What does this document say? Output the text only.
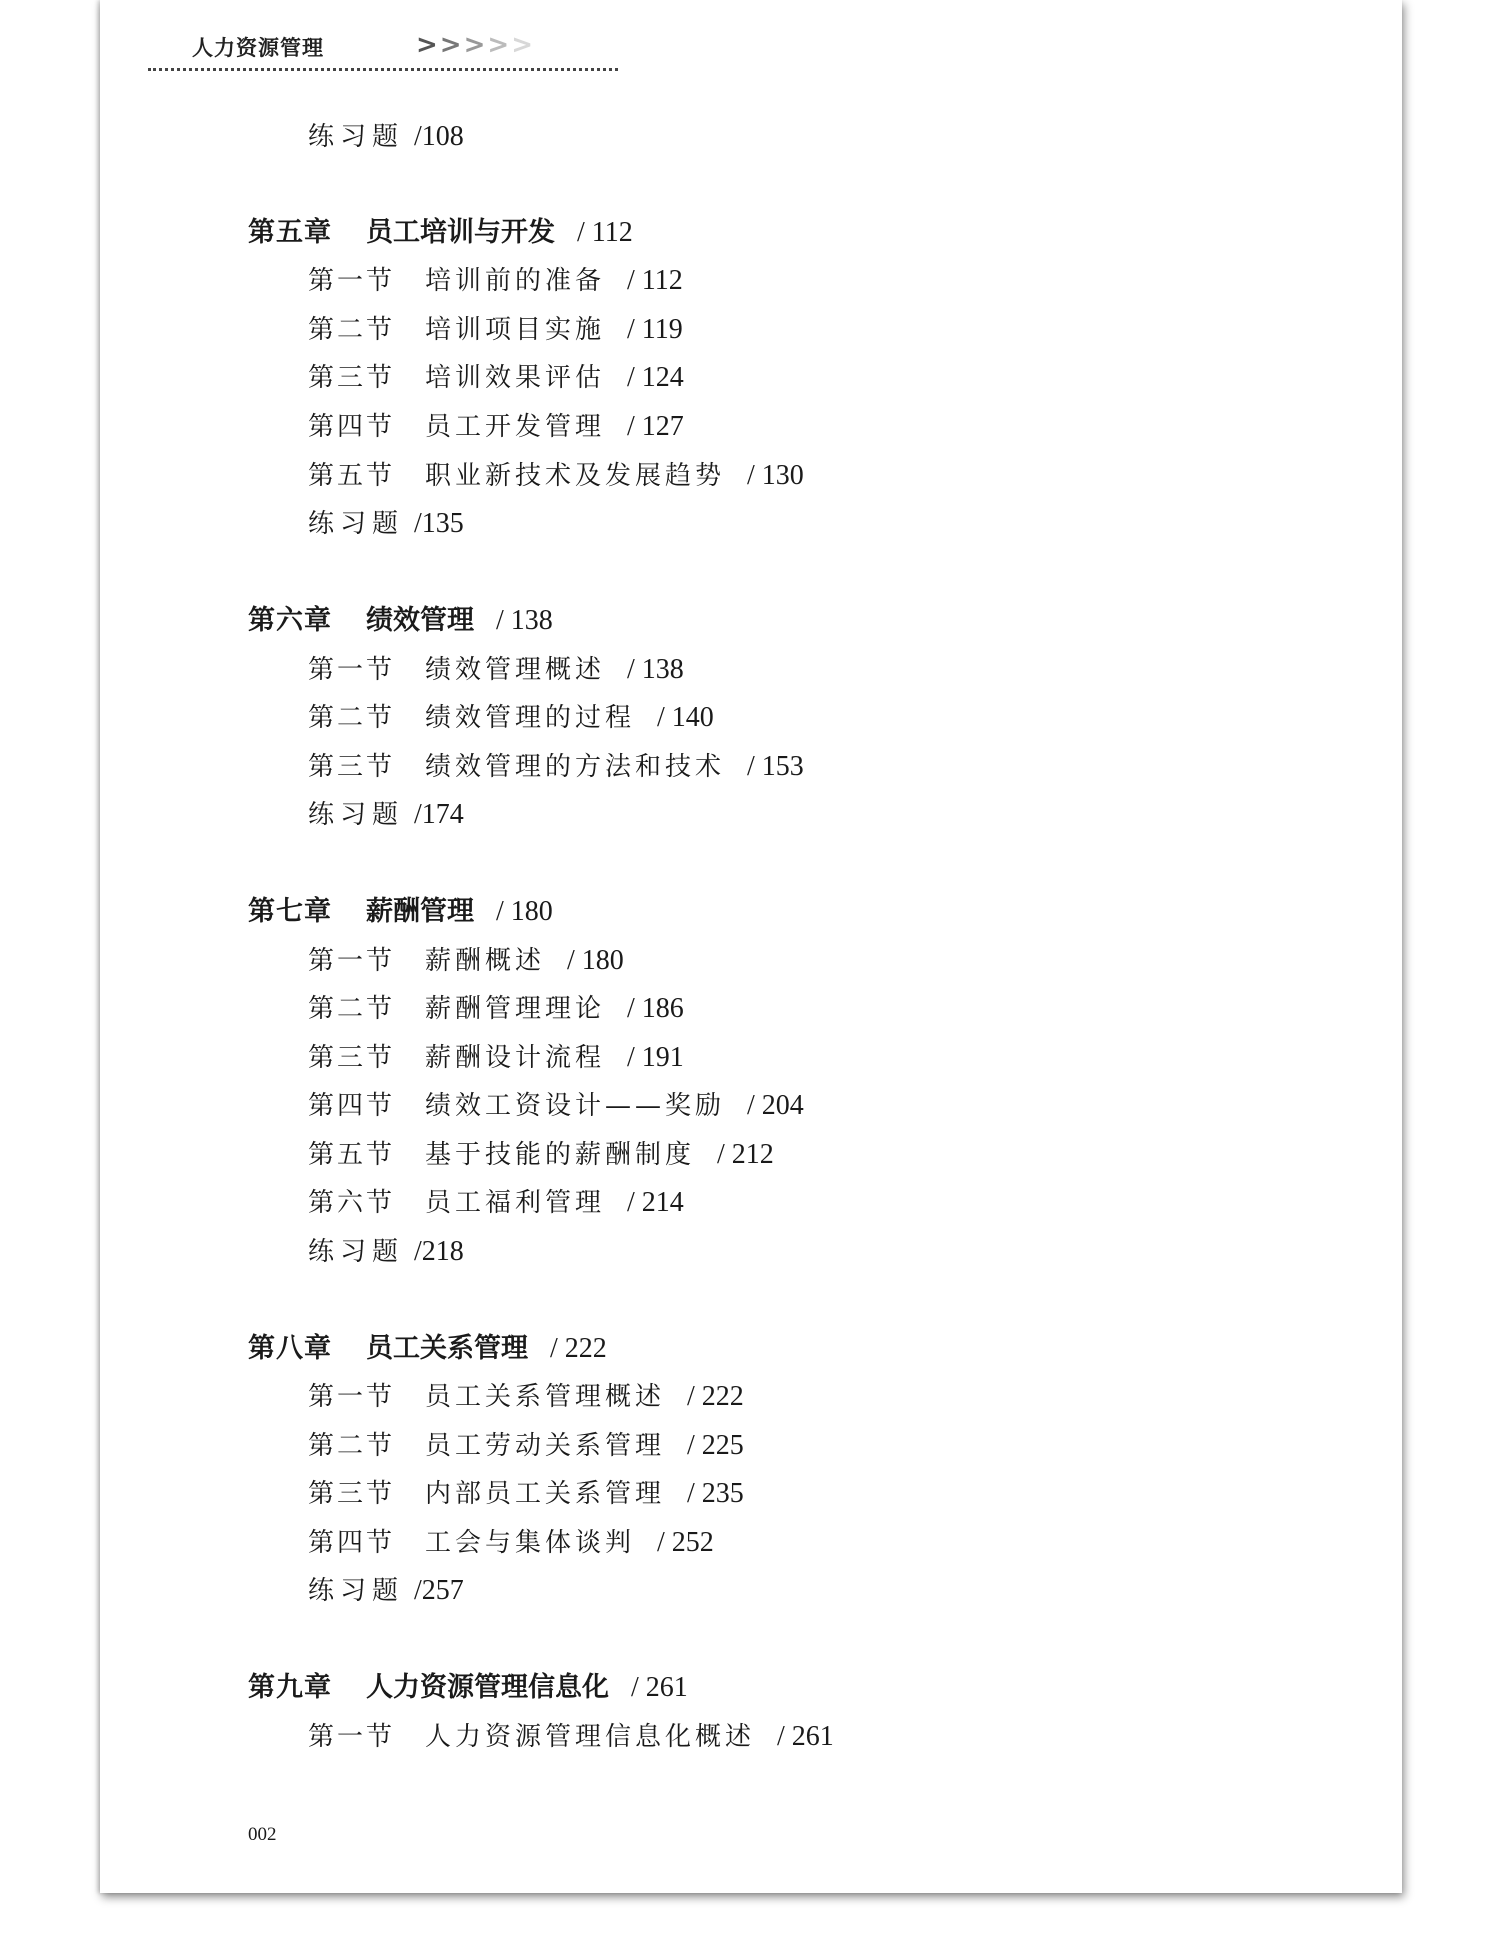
人力资源管理	>>>>>
练习题 /108
第五章 员工培训与开发 / 112
第一节 培训前的准备 / 112
第二节 培训项目实施 / 119
第三节 培训效果评估 / 124
第四节 员工开发管理 / 127
第五节 职业新技术及发展趋势 / 130
练习题 /135
第六章 绩效管理 / 138
第一节 绩效管理概述 / 138
第二节 绩效管理的过程 / 140
第三节 绩效管理的方法和技术 / 153
练习题 /174
第七章 薪酬管理 / 180
第一节 薪酬概述 / 180
第二节 薪酬管理理论 / 186
第三节 薪酬设计流程 / 191
第四节 绩效工资设计——奖励 / 204
第五节 基于技能的薪酬制度 / 212
第六节 员工福利管理 / 214
练习题 /218
第八章 员工关系管理 / 222
第一节 员工关系管理概述 / 222
第二节 员工劳动关系管理 / 225
第三节 内部员工关系管理 / 235
第四节 工会与集体谈判 / 252
练习题 /257
第九章 人力资源管理信息化 / 261
第一节 人力资源管理信息化概述 / 261
002
